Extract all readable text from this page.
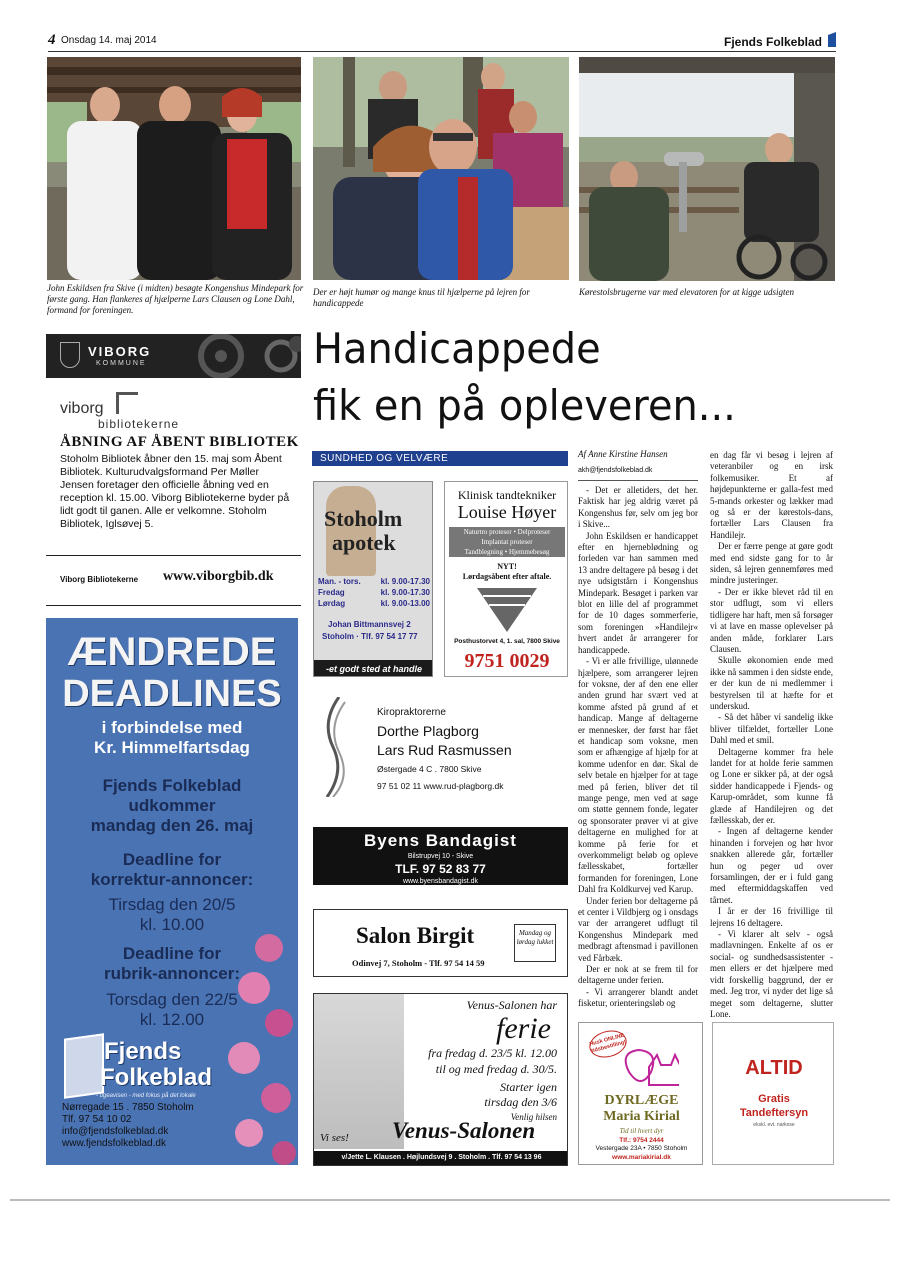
4 Onsdag 14. maj 2014	Fjends Folkeblad
John Eskildsen fra Skive (i midten) besøgte Kongenshus Mindepark for første gang. Han flankeres af hjælperne Lars Clausen og Lone Dahl, formand for foreningen.
Der er højt humør og mange knus til hjælperne på lejren for handicappede
Kørestolsbrugerne var med elevatoren for at kigge udsigten
VIBORG
KOMMUNE
viborg
bibliotekerne
ÅBNING AF ÅBENT BIBLIOTEK
Stoholm Bibliotek åbner den 15. maj som Åbent Bibliotek. Kulturudvalgsformand Per Møller Jensen foretager den officielle åbning ved en reception kl. 15.00. Viborg Bibliotekerne byder på lidt godt til ganen. Alle er velkomne. Stoholm Bibliotek, Iglsøvej 5.
Viborg Bibliotekerne www.viborgbib.dk
ÆNDREDE
DEADLINES
i forbindelse med
Kr. Himmelfartsdag
Fjends Folkeblad
udkommer
mandag den 26. maj
Deadline for
korrektur-annoncer:
Tirsdag den 20/5
kl. 10.00
Deadline for
rubrik-annoncer:
Torsdag den 22/5
kl. 12.00
Fjends
Folkeblad
- ugeavisen - med fokus på det lokale
Nørregade 15 . 7850 Stoholm
Tlf. 97 54 10 02
info@fjendsfolkeblad.dk
www.fjendsfolkeblad.dk
Handicappede
fik en på opleveren...
SUNDHED OG VELVÆRE
Stoholm
apotek
Man. - tors. kl. 9.00-17.30
Fredag	kl. 9.00-17.30
Lørdag	kl. 9.00-13.00
Johan Bittmannsvej 2
Stoholm · Tlf. 97 54 17 77
-et godt sted at handle
Klinisk tandtekniker
Louise Høyer
Naturtro proteser • Delproteser
Implantat proteser
Tandblegning • Hjemmebesøg
NYT!
Lørdagsåbent efter aftale.
Posthustorvet 4, 1. sal, 7800 Skive
9751 0029
Kiropraktorerne
Dorthe Plagborg
Lars Rud Rasmussen
Østergade 4 C . 7800 Skive
97 51 02 11 www.rud-plagborg.dk
Byens Bandagist
Bilstrupvej 10 - Skive
TLF. 97 52 83 77
www.byensbandagist.dk
Salon Birgit	Mandag og lørdag lukket
Odinvej 7, Stoholm - Tlf. 97 54 14 59
Venus-Salonen har
ferie
fra fredag d. 23/5 kl. 12.00
til og med fredag d. 30/5.
Starter igen
tirsdag den 3/6
Venlig hilsen
Vi ses! Venus-Salonen
v/Jette L. Klausen . Højlundsvej 9 . Stoholm . Tlf. 97 54 13 96
Af Anne Kirstine Hansen
akh@fjendsfolkeblad.dk

- Det er alletiders, det her. Faktisk har jeg aldrig været på Kongenshus før, selv om jeg bor i Skive...

John Eskildsen er handicappet efter en hjerneblødning og forleden var han sammen med 13 andre deltagere på besøg i det nye udsigtstårn i Kongenshus Mindepark. Besøget i parken var blot en lille del af programmet for de 10 dages sommerferie, som foreningen »Handilejr« hvert andet år arrangerer for handicappede.

- Vi er alle frivillige, ulønnede hjælpere, som arrangerer lejren for voksne, der af den ene eller anden grund har svært ved at komme afsted på grund af et handicap. Mange af deltagerne er mennesker, der først har fået et handicap som voksne, men som er afhængige af hjælp for at komme udenfor en dør. Skal de selv betale en hjælper for at tage med på ferien, bliver det til mange penge, men ved at søge om støtte gennem fonde, legater og sponsorater prøver vi at give deltagerne en mulighed for at komme på ferie for et overkommeligt beløb og opleve fællesskabet, fortæller formanden for foreningen, Lone Dahl fra Koldkurvej ved Karup.

Under ferien bor deltagerne på et center i Vildbjerg og i onsdags var der arrangeret udflugt til Kongenshus Mindepark med medbragt aftensmad i pavillonen ved Fårbæk.

Der er nok at se frem til for deltagerne under ferien.

- Vi arrangerer blandt andet fisketur, orienteringsløb og

en dag får vi besøg i lejren af veteranbiler og en irsk folkemusiker. Et af højdepunkterne er galla-fest med 5-mands orkester og lækker mad og så er der kørestols-dans, fortæller Lars Clausen fra Handilejr.

Der er færre penge at gøre godt med end sidste gang for to år siden, så lejren gennemføres med mindre justeringer.

- Der er ikke blevet råd til en stor udflugt, som vi ellers tidligere har haft, men så forsøger vi at lave en masse oplevelser på anden måde, forklarer Lars Clausen.

Skulle økonomien ende med ikke nå sammen i den sidste ende, er der kun de ni medlemmer i bestyrelsen til at hæfte for et underskud.

- Så det håber vi sandelig ikke bliver tilfældet, fortæller Lone Dahl med et smil.

Deltagerne kommer fra hele landet for at holde ferie sammen og Lone er sikker på, at der også sidder handicappede i Fjends- og Karup-området, som kunne få glæde af Handilejren og det fællesskab, der er.

- Ingen af deltagerne kender hinanden i forvejen og hør hvor snakken allerede går, fortæller hun og peger ud over forsamlingen, der er i fuld gang med eftermiddagskaffen ved tårnet.

I år er der 16 frivillige til lejrens 16 deltagere.

- Vi klarer alt selv - også madlavningen. Enkelte af os er social- og sundhedsassistenter - men ellers er det hjælpere med vidt forskellig baggrund, der er med. Jeg tror, vi nyder det lige så meget som deltagerne, slutter Lone.

Husk ONLINE tidsbestilling!
DYRLÆGE
Maria Kirial
Tid til hvert dyr
Tlf.: 9754 2444
Vestergade 23A • 7850 Stoholm
www.mariakirial.dk
ALTID
Gratis
Tandeftersyn
ekskl. evt. narkose
